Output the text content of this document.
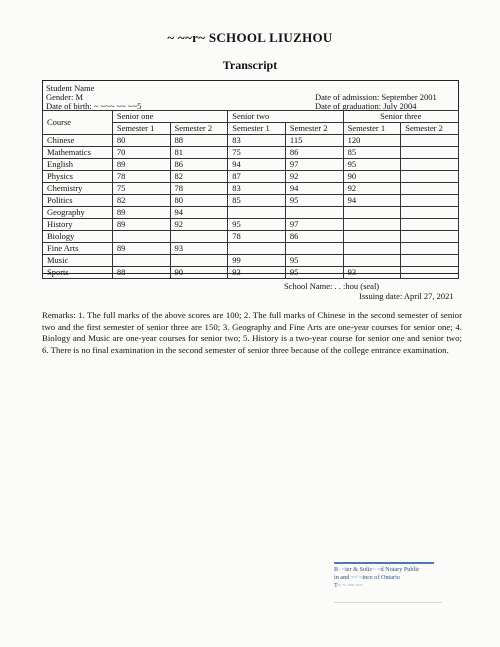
~ ~~r~ SCHOOL LIUZHOU
Transcript
Student Name
Gender: M
Date of birth: ~ ~~~ ~~ ~~5
Date of admission: September 2001
Date of graduation: July 2004
Course	Senior one		Senior two		Senior three	
	Semester 1	Semester 2	Semester 1	Semester 2	Semester 1	Semester 2
Chinese	80	88	83	115	120	
Mathematics	70	81	75	86	85	
English	89	86	94	97	95	
Physics	78	82	87	92	90	
Chemistry	75	78	83	94	92	
Politics	82	80	85	95	94	
Geography	89	94				
History	89	92	95	97		
Biology			78	86		
Fine Arts	89	93				
Music			99	95		
Sports	88	90	93	95	93	
School Name: . . :hou (seal)
Issuing date: April 27, 2021
Remarks: 1. The full marks of the above scores are 100; 2. The full marks of Chinese in the second semester of senior two and the first semester of senior three are 150; 3. Geography and Fine Arts are one-year courses for senior one; 4. Biology and Music are one-year courses for senior two; 5. History is a two-year course for senior one and senior two; 6. There is no final examination in the second semester of senior three because of the college entrance examination.
B· ~ier & Solic~ ~d Notary Public
in and ~~ ~ince of Ontario
T~ ~ ~~ ~~
